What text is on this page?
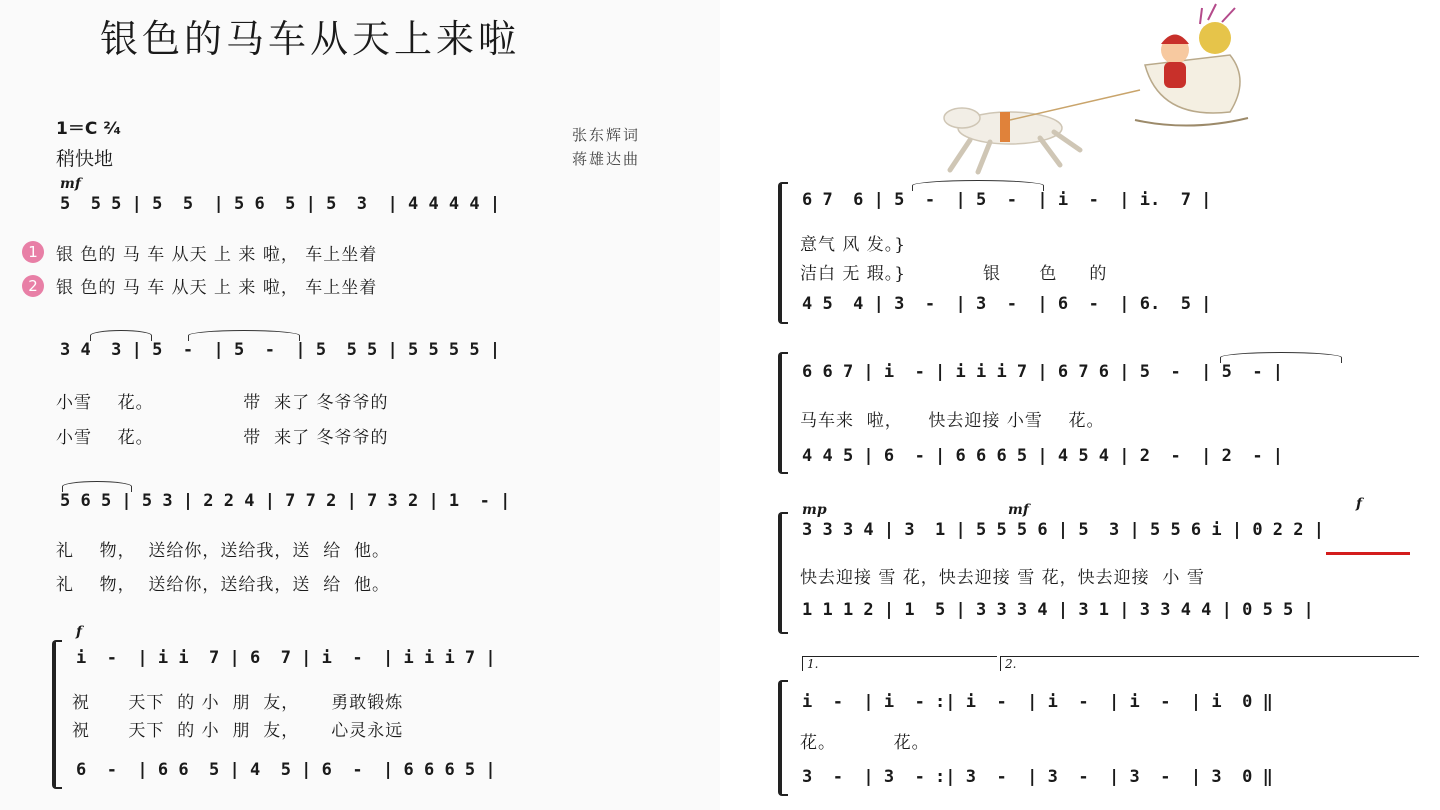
银色的马车从天上来啦
1＝C ²⁄₄
稍快地
张东辉词
蒋雄达曲
mf
5  5 5 | 5  5  | 5 6  5 | 5  3  | 4 4 4 4 |
1
2
银 色的 马 车 从天 上 来 啦， 车上坐着
银 色的 马 车 从天 上 来 啦， 车上坐着
3 4  3 | 5  -  | 5  -  | 5  5 5 | 5 5 5 5 |
小雪    花。              带  来了 冬爷爷的
小雪    花。              带  来了 冬爷爷的
5 6 5 | 5 3 | 2 2 4 | 7 7 2 | 7 3 2 | 1  - |
礼    物，  送给你，送给我，送  给  他。
礼    物，  送给你，送给我，送  给  他。
f
i  -  | i i  7 | 6  7 | i  -  | i i i 7 |
祝      天下  的 小  朋  友，     勇敢锻炼
祝      天下  的 小  朋  友，     心灵永远
6  -  | 6 6  5 | 4  5 | 6  -  | 6 6 6 5 |
6 7  6 | 5  -  | 5  -  | i  -  | i.  7 |
意气 风 发。}
洁白 无 瑕。}            银      色     的
4 5  4 | 3  -  | 3  -  | 6  -  | 6.  5 |
6 6 7 | i  - | i i i 7 | 6 7 6 | 5  -  | 5  - |
马车来  啦，    快去迎接 小雪    花。
4 4 5 | 6  - | 6 6 6 5 | 4 5 4 | 2  -  | 2  - |
mp	mf	f
3 3 3 4 | 3  1 | 5 5 5 6 | 5  3 | 5 5 6 i | 0 2 2 |
快去迎接 雪 花，快去迎接 雪 花，快去迎接  小 雪
1 1 1 2 | 1  5 | 3 3 3 4 | 3 1 | 3 3 4 4 | 0 5 5 |
1.	2.
i  -  | i  - :| i  -  | i  -  | i  -  | i  0 ‖
花。         花。
3  -  | 3  - :| 3  -  | 3  -  | 3  -  | 3  0 ‖
